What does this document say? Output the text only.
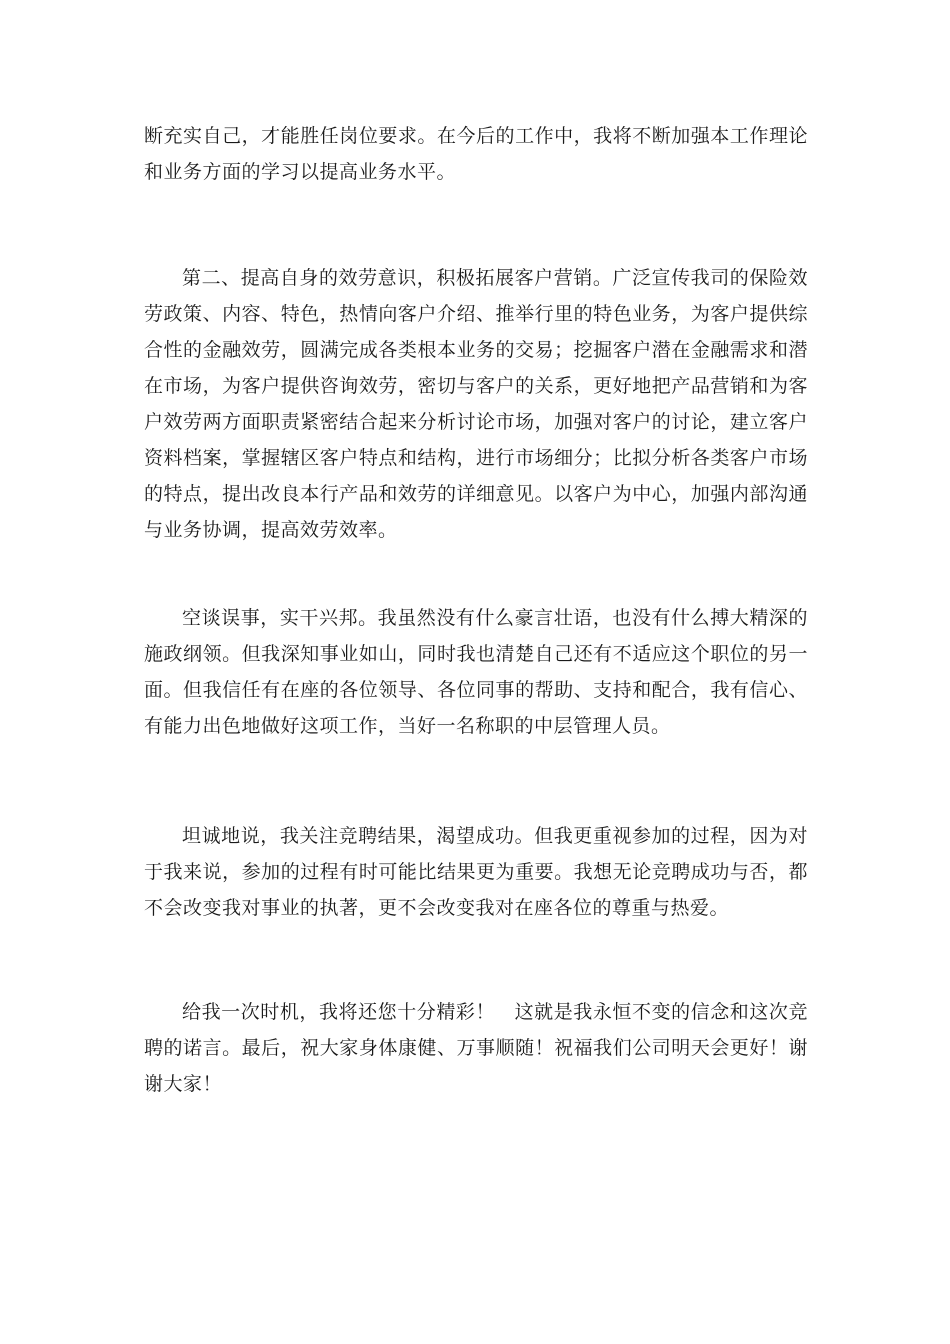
断充实自己，才能胜任岗位要求。在今后的工作中，我将不断加强本工作理论和业务方面的学习以提高业务水平。

第二、提高自身的效劳意识，积极拓展客户营销。广泛宣传我司的保险效劳政策、内容、特色，热情向客户介绍、推举行里的特色业务，为客户提供综合性的金融效劳，圆满完成各类根本业务的交易；挖掘客户潜在金融需求和潜在市场，为客户提供咨询效劳，密切与客户的关系，更好地把产品营销和为客户效劳两方面职责紧密结合起来分析讨论市场，加强对客户的讨论，建立客户资料档案，掌握辖区客户特点和结构，进行市场细分；比拟分析各类客户市场的特点，提出改良本行产品和效劳的详细意见。以客户为中心，加强内部沟通与业务协调，提高效劳效率。

空谈误事，实干兴邦。我虽然没有什么豪言壮语，也没有什么搏大精深的施政纲领。但我深知事业如山，同时我也清楚自己还有不适应这个职位的另一面。但我信任有在座的各位领导、各位同事的帮助、支持和配合，我有信心、有能力出色地做好这项工作，当好一名称职的中层管理人员。

坦诚地说，我关注竞聘结果，渴望成功。但我更重视参加的过程，因为对于我来说，参加的过程有时可能比结果更为重要。我想无论竞聘成功与否，都不会改变我对事业的执著，更不会改变我对在座各位的尊重与热爱。

给我一次时机，我将还您十分精彩！　这就是我永恒不变的信念和这次竞聘的诺言。最后，祝大家身体康健、万事顺随！祝福我们公司明天会更好！谢谢大家！
